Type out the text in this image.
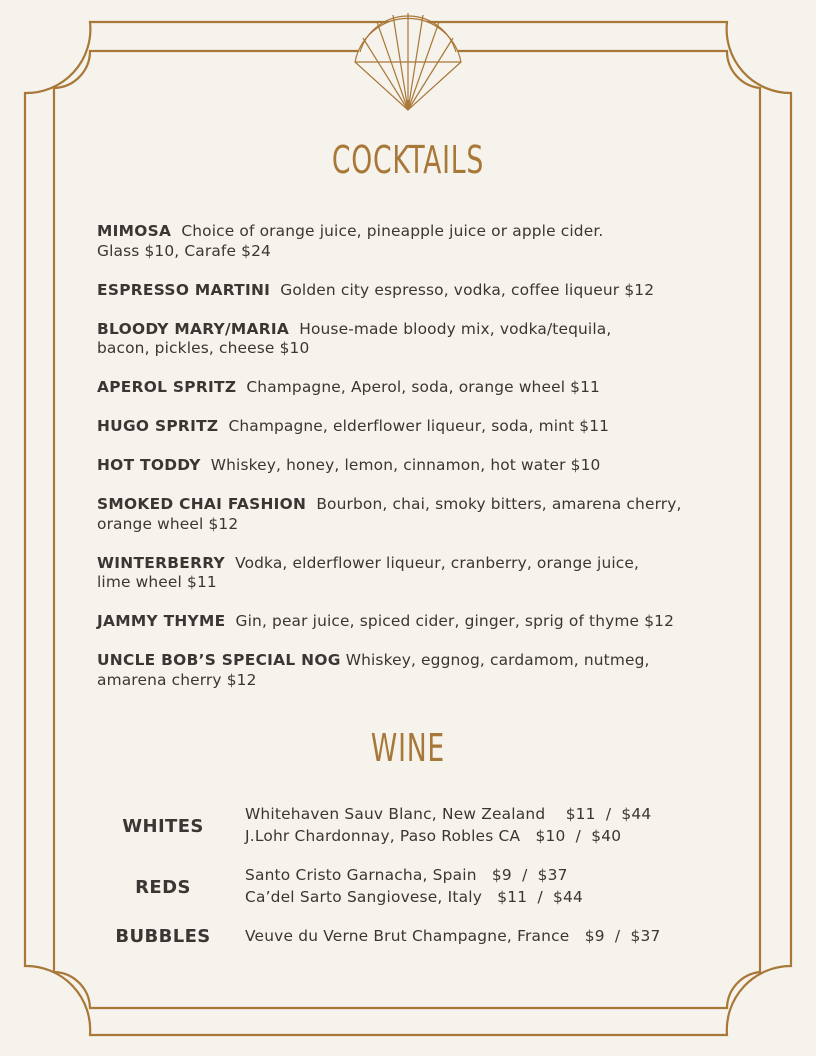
COCKTAILS
MIMOSA Choice of orange juice, pineapple juice or apple cider.
Glass $10, Carafe $24
ESPRESSO MARTINI Golden city espresso, vodka, coffee liqueur $12
BLOODY MARY/MARIA House-made bloody mix, vodka/tequila,
bacon, pickles, cheese $10
APEROL SPRITZ Champagne, Aperol, soda, orange wheel $11
HUGO SPRITZ Champagne, elderflower liqueur, soda, mint $11
HOT TODDY Whiskey, honey, lemon, cinnamon, hot water $10
SMOKED CHAI FASHION Bourbon, chai, smoky bitters, amarena cherry,
orange wheel $12
WINTERBERRY Vodka, elderflower liqueur, cranberry, orange juice,
lime wheel $11
JAMMY THYME Gin, pear juice, spiced cider, ginger, sprig of thyme $12
UNCLE BOB’S SPECIAL NOG Whiskey, eggnog, cardamom, nutmeg,
amarena cherry $12
WINE
WHITES
Whitehaven Sauv Blanc, New Zealand    $11  /  $44
J.Lohr Chardonnay, Paso Robles CA   $10  /  $40
REDS
Santo Cristo Garnacha, Spain   $9  /  $37
Ca’del Sarto Sangiovese, Italy   $11  /  $44
BUBBLES	Veuve du Verne Brut Champagne, France   $9  /  $37
